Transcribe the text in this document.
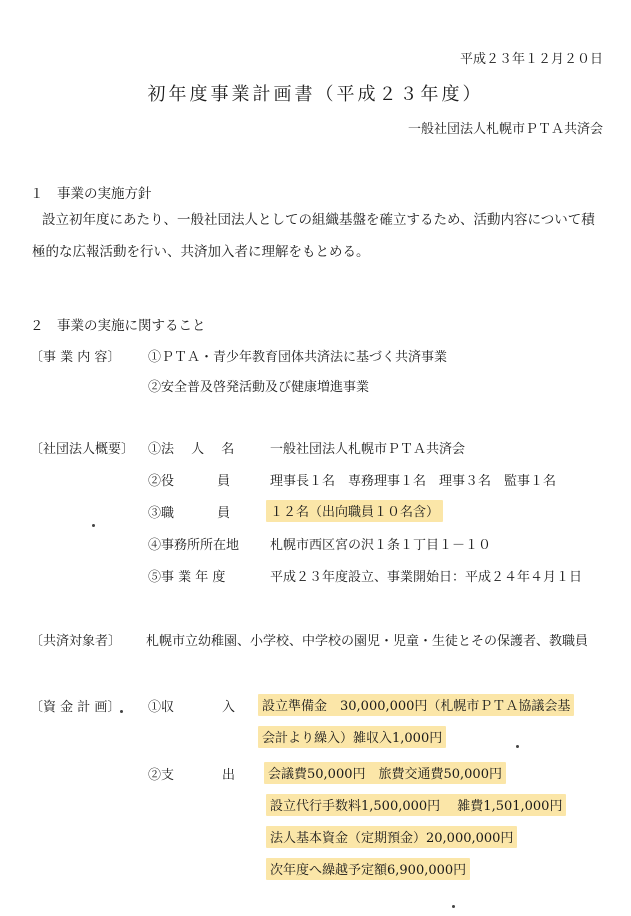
平成２３年１２月２０日
初年度事業計画書（平成２３年度）
一般社団法人札幌市ＰＴＡ共済会
１　事業の実施方針
設立初年度にあたり、一般社団法人としての組織基盤を確立するため、活動内容について積
極的な広報活動を行い、共済加入者に理解をもとめる。
２　事業の実施に関すること
〔事 業 内 容〕 ①ＰＴＡ・青少年教育団体共済法に基づく共済事業
②安全普及啓発活動及び健康増進事業
〔社団法人概要〕 ①法　 人　 名	一般社団法人札幌市ＰＴＡ共済会
②役　　　 員	理事長１名　専務理事１名　理事３名　監事１名
③職　　　 員	１２名（出向職員１０名含）
④事務所所在地 札幌市西区宮の沢１条１丁目１－１０
⑤事 業 年 度	平成２３年度設立、事業開始日：平成２４年４月１日
〔共済対象者〕 札幌市立幼稚園、小学校、中学校の園児・児童・生徒とその保護者、教職員
〔資 金 計 画〕 ①収	入	設立準備金　30,000,000円（札幌市ＰＴＡ協議会基
会計より繰入）雑収入1,000円
②支	出	会議費50,000円　旅費交通費50,000円
設立代行手数料1,500,000円　 雑費1,501,000円
法人基本資金（定期預金）20,000,000円
次年度へ繰越予定額6,900,000円
